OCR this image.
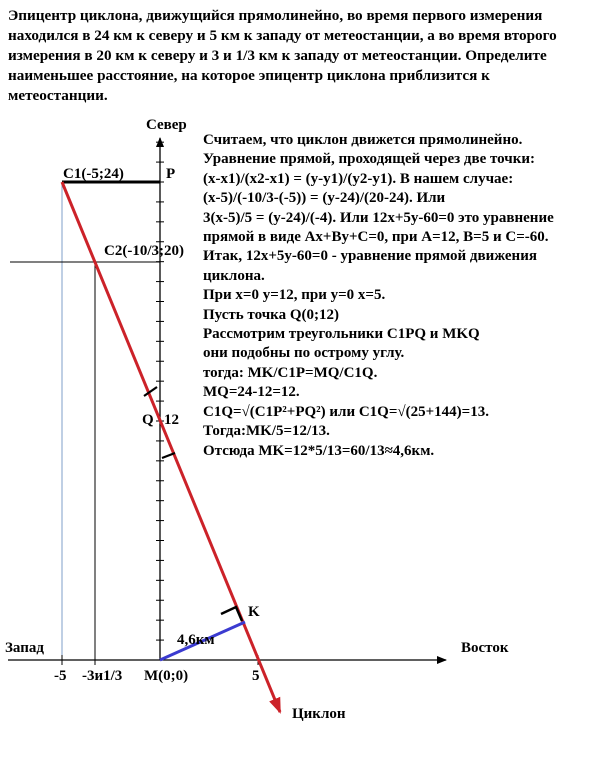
Эпицентр циклона, движущийся прямолинейно, во время первого измерения
находился в 24 км к северу и 5 км к западу от метеостанции, а во время второго
измерения в 20 км к северу и 3 и 1/3 км к западу от метеостанции. Определите
наименьшее расстояние, на которое эпицентр циклона приблизится к
метеостанции.
Север
C1(-5;24)	P
C2(-10/3;20)
Q 12
K
4,6км
Запад	Восток
-5 -3и1/3 M(0;0)	5
Циклон
Считаем, что циклон движется прямолинейно.
Уравнение прямой, проходящей через две точки:
(x-x1)/(x2-x1) = (y-y1)/(y2-y1). В нашем случае:
(x-5)/(-10/3-(-5)) = (y-24)/(20-24). Или
3(x-5)/5 = (y-24)/(-4). Или 12x+5y-60=0 это уравнение
прямой в виде Ax+By+C=0, при A=12, B=5 и C=-60.
Итак, 12x+5y-60=0 - уравнение прямой движения
циклона.
При x=0 y=12, при y=0 x=5.
Пусть точка Q(0;12)
Рассмотрим треугольники C1PQ и MKQ
они подобны по острому углу.
тогда: MK/C1P=MQ/C1Q.
MQ=24-12=12.
C1Q=√(C1P²+PQ²) или C1Q=√(25+144)=13.
Тогда:MK/5=12/13.
Отсюда MK=12*5/13=60/13≈4,6км.
